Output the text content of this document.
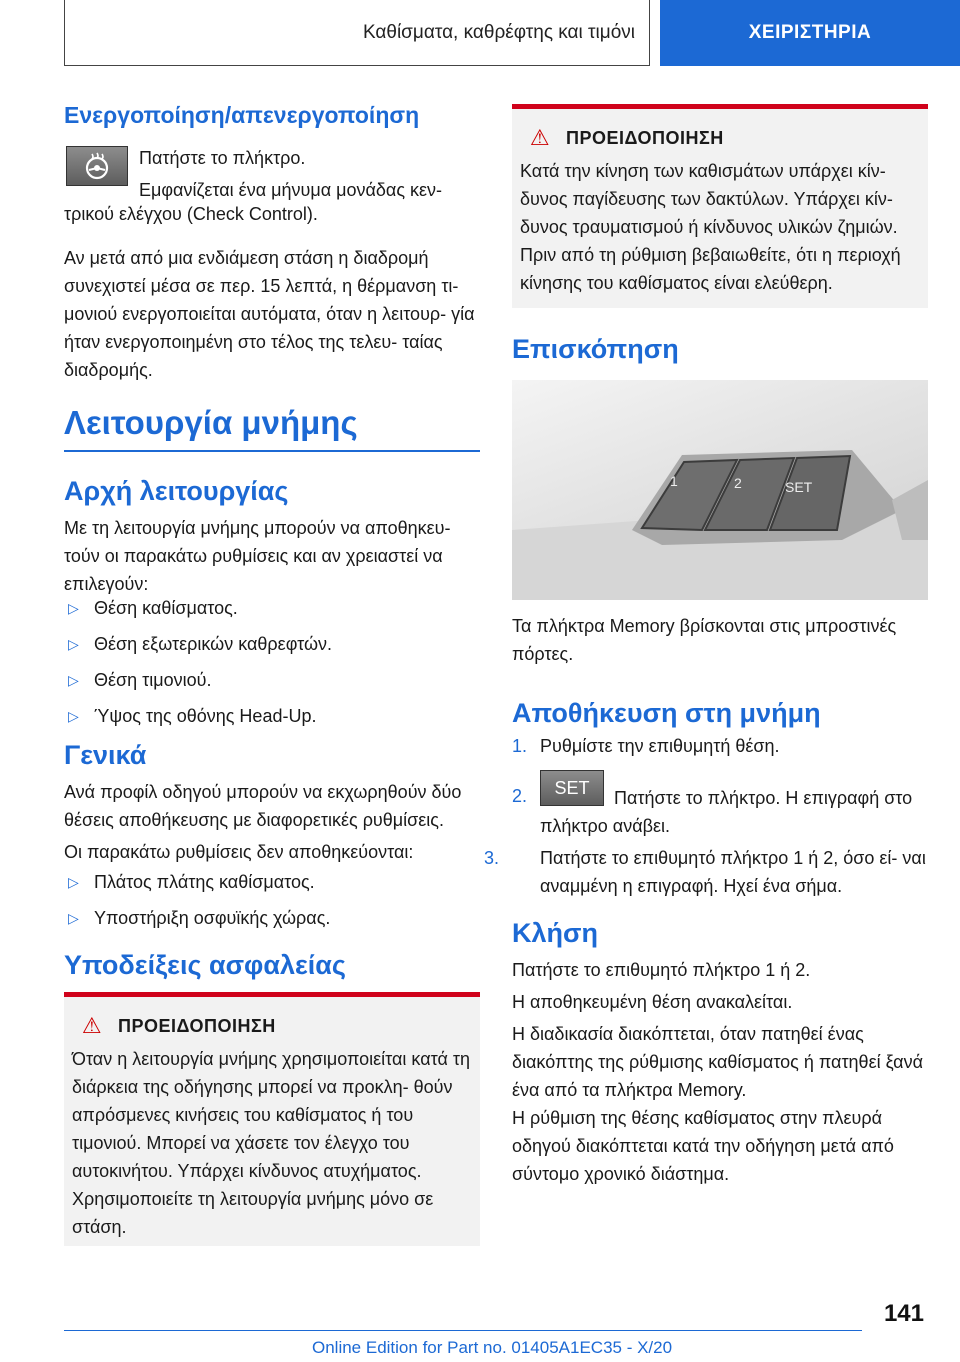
Καθίσματα, καθρέφτης και τιμόνι	ΧΕΙΡΙΣΤΗΡΙΑ
Ενεργοποίηση/απενεργοποίηση

Πατήστε το πλήκτρο.

Εμφανίζεται ένα μήνυμα μονάδας κεν-

τρικού ελέγχου (Check Control).

Αν μετά από μια ενδιάμεση στάση η διαδρομή συνεχιστεί μέσα σε περ. 15 λεπτά, η θέρμανση τι- μονιού ενεργοποιείται αυτόματα, όταν η λειτουρ- γία ήταν ενεργοποιημένη στο τέλος της τελευ- ταίας διαδρομής.

Λειτουργία μνήμης
Αρχή λειτουργίας

Με τη λειτουργία μνήμης μπορούν να αποθηκευ- τούν οι παρακάτω ρυθμίσεις και αν χρειαστεί να επιλεγούν:

▷ Θέση καθίσματος.
▷ Θέση εξωτερικών καθρεφτών.
▷ Θέση τιμονιού.
▷ Ύψος της οθόνης Head-Up.
Γενικά

Ανά προφίλ οδηγού μπορούν να εκχωρηθούν δύο θέσεις αποθήκευσης με διαφορετικές ρυθμίσεις.

Οι παρακάτω ρυθμίσεις δεν αποθηκεύονται:

▷ Πλάτος πλάτης καθίσματος.
▷ Υποστήριξη οσφυϊκής χώρας.
Υποδείξεις ασφαλείας
⚠ ΠΡΟΕΙΔΟΠΟΙΗΣΗ

Όταν η λειτουργία μνήμης χρησιμοποιείται κατά τη διάρκεια της οδήγησης μπορεί να προκλη- θούν απρόσμενες κινήσεις του καθίσματος ή του τιμονιού. Μπορεί να χάσετε τον έλεγχο του αυτοκινήτου. Υπάρχει κίνδυνος ατυχήματος. Χρησιμοποιείτε τη λειτουργία μνήμης μόνο σε στάση.

⚠ ΠΡΟΕΙΔΟΠΟΙΗΣΗ

Κατά την κίνηση των καθισμάτων υπάρχει κίν- δυνος παγίδευσης των δακτύλων. Υπάρχει κίν- δυνος τραυματισμού ή κίνδυνος υλικών ζημιών. Πριν από τη ρύθμιση βεβαιωθείτε, ότι η περιοχή κίνησης του καθίσματος είναι ελεύθερη.

Επισκόπηση
1	2	SET

Τα πλήκτρα Memory βρίσκονται στις μπροστινές πόρτες.

Αποθήκευση στη μνήμη

1. Ρυθμίστε την επιθυμητή θέση.

2.	SET

Πατήστε το πλήκτρο. Η επιγραφή στο πλήκτρο ανάβει.

3. Πατήστε το επιθυμητό πλήκτρο 1 ή 2, όσο εί- ναι αναμμένη η επιγραφή. Ηχεί ένα σήμα.

Κλήση

Πατήστε το επιθυμητό πλήκτρο 1 ή 2.

Η αποθηκευμένη θέση ανακαλείται.

Η διαδικασία διακόπτεται, όταν πατηθεί ένας διακόπτης της ρύθμισης καθίσματος ή πατηθεί ξανά ένα από τα πλήκτρα Memory.

Η ρύθμιση της θέσης καθίσματος στην πλευρά οδηγού διακόπτεται κατά την οδήγηση μετά από σύντομο χρονικό διάστημα.

141
Online Edition for Part no. 01405A1EC35 - X/20
